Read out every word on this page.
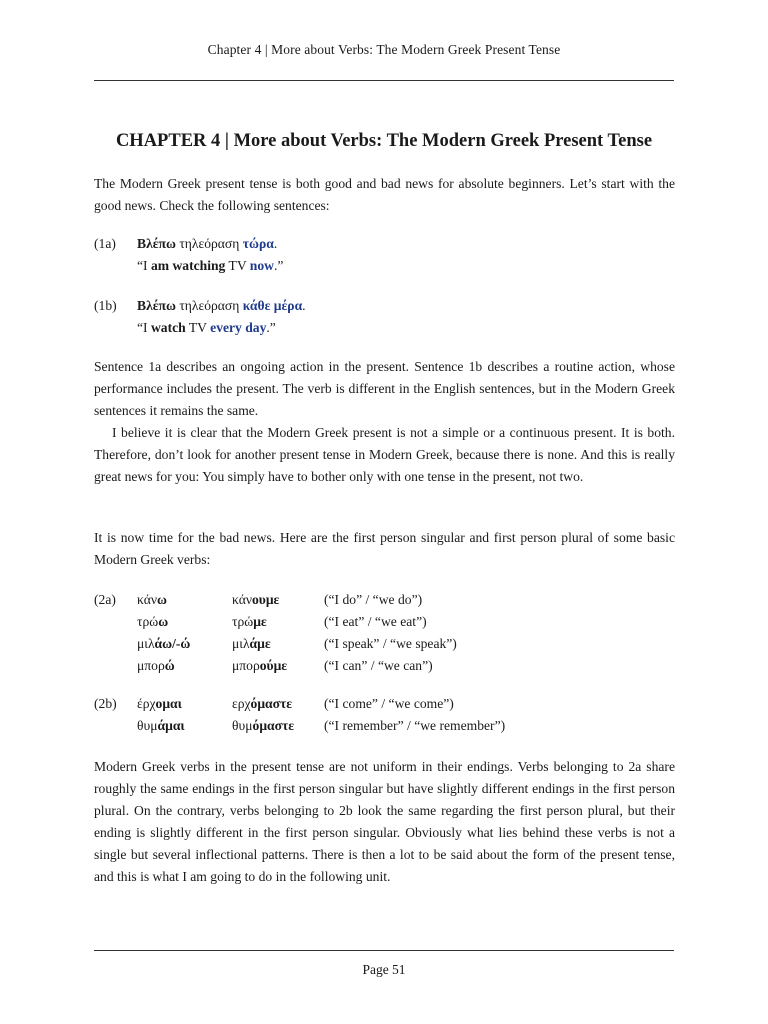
Chapter 4 | More about Verbs: The Modern Greek Present Tense
CHAPTER 4 | More about Verbs: The Modern Greek Present Tense

The Modern Greek present tense is both good and bad news for absolute beginners. Let’s start with the good news. Check the following sentences:

(1a) Βλέπω τηλεόραση τώρα.
“I am watching TV now.”
(1b) Βλέπω τηλεόραση κάθε μέρα.
“I watch TV every day.”

Sentence 1a describes an ongoing action in the present. Sentence 1b describes a routine action, whose performance includes the present. The verb is different in the English sentences, but in the Modern Greek sentences it remains the same.

I believe it is clear that the Modern Greek present is not a simple or a continuous present. It is both. Therefore, don’t look for another present tense in Modern Greek, because there is none. And this is really great news for you: You simply have to bother only with one tense in the present, not two.

It is now time for the bad news. Here are the first person singular and first person plural of some basic Modern Greek verbs:

(2a) κάνω	κάνουμε	(“I do” / “we do”)
τρώω	τρώμε	(“I eat” / “we eat”)
μιλάω/-ώ	μιλάμε	(“I speak” / “we speak”)
μπορώ	μπορούμε	(“I can” / “we can”)
(2b) έρχομαι	ερχόμαστε (“I come” / “we come”)
θυμάμαι	θυμόμαστε (“I remember” / “we remember”)

Modern Greek verbs in the present tense are not uniform in their endings. Verbs belonging to 2a share roughly the same endings in the first person singular but have slightly different endings in the first person plural. On the contrary, verbs belonging to 2b look the same regarding the first person plural, but their ending is slightly different in the first person singular. Obviously what lies behind these verbs is not a single but several inflectional patterns. There is then a lot to be said about the form of the present tense, and this is what I am going to do in the following unit.

Page 51
